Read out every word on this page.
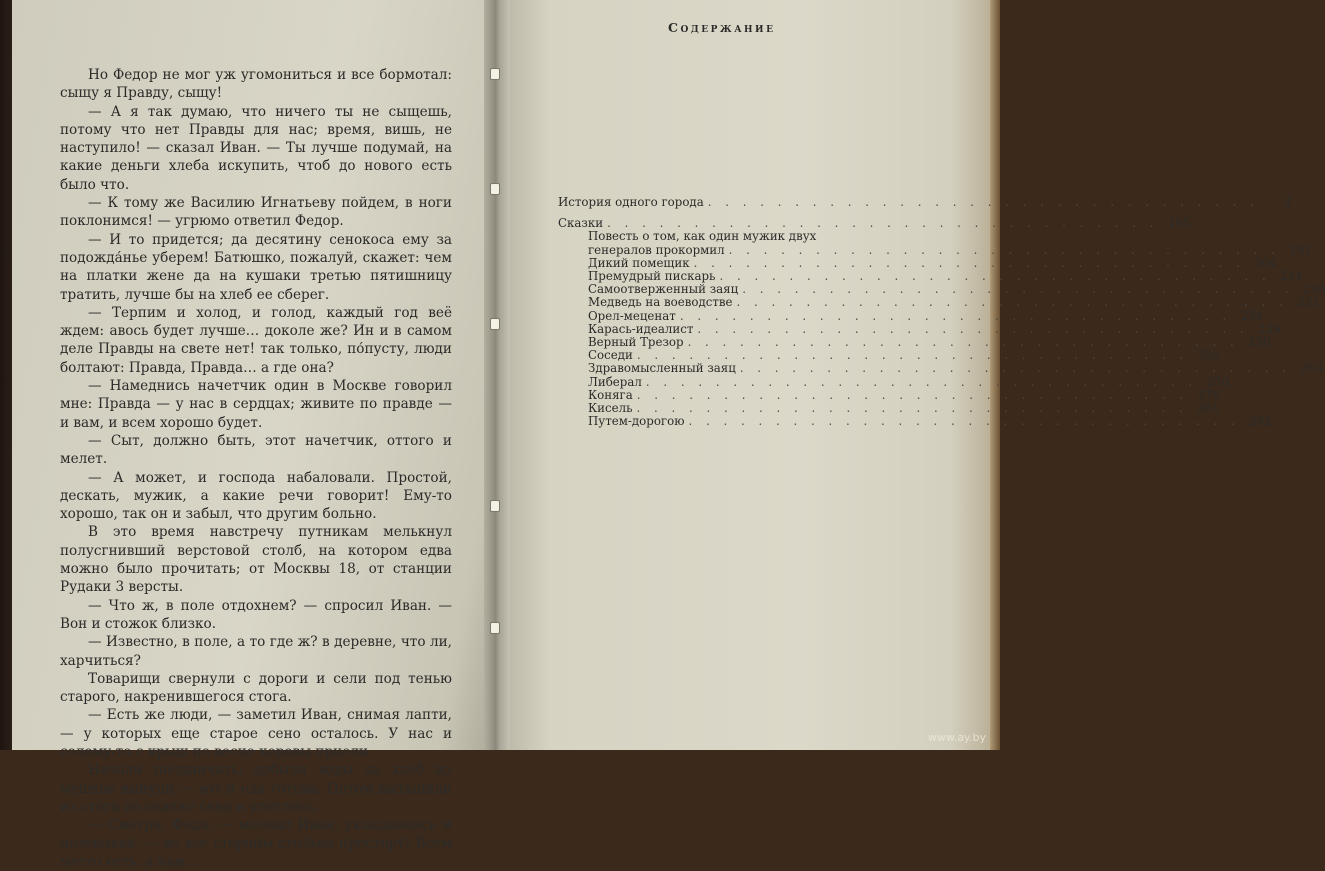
Но Федор не мог уж угомониться и все бормотал: сыщу я Правду, сыщу!

— А я так думаю, что ничего ты не сыщешь, потому что нет Правды для нас; время, вишь, не наступило! — сказал Иван. — Ты лучше подумай, на какие деньги хлеба искупить, чтоб до нового есть было что.

— К тому же Василию Игнатьеву пойдем, в ноги поклонимся! — угрюмо ответил Федор.

— И то придется; да десятину сенокоса ему за подожда́нье уберем! Батюшко, пожалуй, скажет: чем на платки жене да на кушаки третью пятишницу тратить, лучше бы на хлеб ее сберег.

— Терпим и холод, и голод, каждый год веё ждем: авось будет лучше… доколе же? Ин и в самом деле Правды на свете нет! так только, по́пусту, люди болтают: Правда, Правда… а где она?

— Намеднись начетчик один в Москве говорил мне: Правда — у нас в сердцах; живите по правде — и вам, и всем хорошо будет.

— Сыт, должно быть, этот начетчик, оттого и мелет.

— А может, и господа набаловали. Простой, дескать, мужик, а какие речи говорит! Ему-то хорошо, так он и забыл, что другим больно.

В это время навстречу путникам мелькнул полусгнивший верстовой столб, на котором едва можно было прочитать; от Москвы 18, от станции Рудаки 3 версты.

— Что ж, в поле отдохнем? — спросил Иван. — Вон и стожок близко.

— Известно, в поле, а то где ж? в деревне, что ли, харчиться?

Товарищи свернули с дороги и сели под тенью старого, накренившегося стога.

— Есть же люди, — заметил Иван, снимая лапти, — у которых еще старое сено осталось. У нас и солому-то с крыш по весне коровы приели.

Начали полдничать; добыли воды да хлеб из мешков вынули — вот и еда готова. Потом вытащили из стога по охапке сена и улеглись.

— Смотри, Федя, — молвил Иван, укладываясь и позевывая, — во все стороны столько простору! Всем место есть, а нам…

Содержание
История одного города . . . . . . . . . . . . . . . . . . . . . . . . . . . . . . . .	3
Сказки . . . . . . . . . . . . . . . . . . . . . . . . . . . . . . . . 195
Повесть о том, как один мужик двух
генералов прокормил . . . . . . . . . . . . . . . . . . . . . . . . . . . . . . . . 197
Дикий помещик . . . . . . . . . . . . . . . . . . . . . . . . . . . . . . . . 204
Премудрый пискарь . . . . . . . . . . . . . . . . . . . . . . . . . . . . . . . . 211
Самоотверженный заяц . . . . . . . . . . . . . . . . . . . . . . . . . . . . . . . . 216
Медведь на воеводстве . . . . . . . . . . . . . . . . . . . . . . . . . . . . . . . . 221
Орел-меценат . . . . . . . . . . . . . . . . . . . . . . . . . . . . . . . . 231
Карась-идеалист . . . . . . . . . . . . . . . . . . . . . . . . . . . . . . . . 239
Верный Трезор . . . . . . . . . . . . . . . . . . . . . . . . . . . . . . . . 250
Соседи . . . . . . . . . . . . . . . . . . . . . . . . . . . . . . . . 256
Здравомысленный заяц . . . . . . . . . . . . . . . . . . . . . . . . . . . . . . . . 263
Либерал . . . . . . . . . . . . . . . . . . . . . . . . . . . . . . . . 270
Коняга . . . . . . . . . . . . . . . . . . . . . . . . . . . . . . . . 276
Кисель . . . . . . . . . . . . . . . . . . . . . . . . . . . . . . . . 281
Путем-дорогою . . . . . . . . . . . . . . . . . . . . . . . . . . . . . . . . 282
www.ay.by
